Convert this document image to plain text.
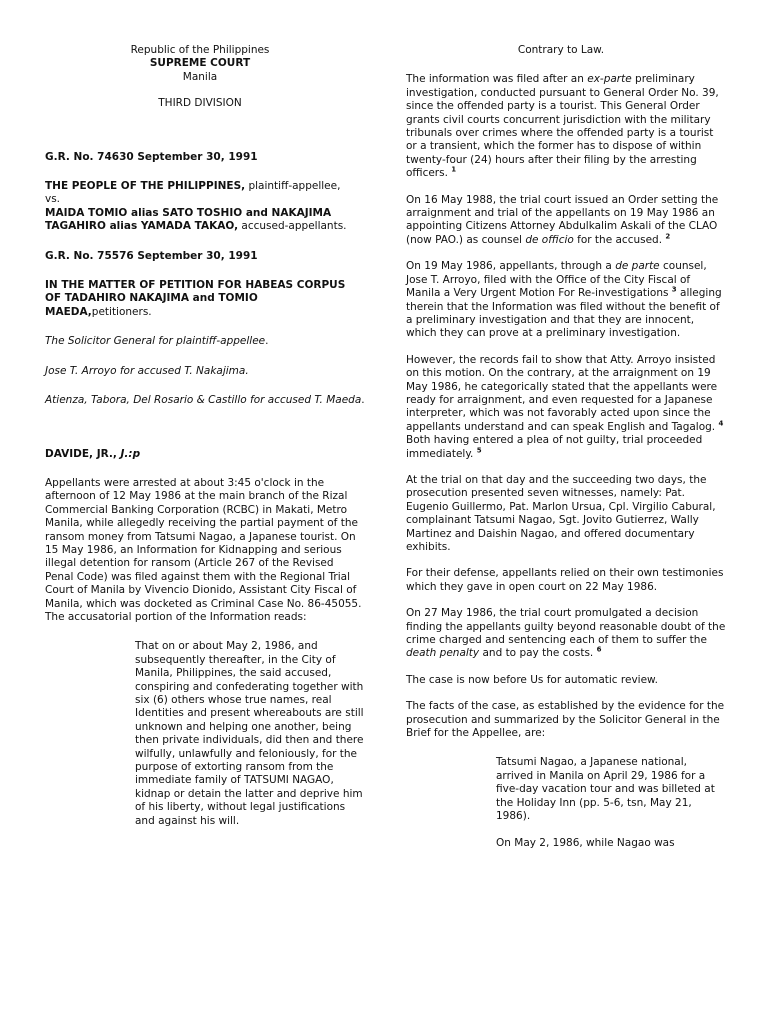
Republic of the Philippines
SUPREME COURT
Manila
THIRD DIVISION

G.R. No. 74630 September 30, 1991

THE PEOPLE OF THE PHILIPPINES, plaintiff-appellee,
vs.
MAIDA TOMIO alias SATO TOSHIO and NAKAJIMA TAGAHIRO alias YAMADA TAKAO, accused-appellants.

G.R. No. 75576 September 30, 1991

IN THE MATTER OF PETITION FOR HABEAS CORPUS OF TADAHIRO NAKAJIMA and TOMIO MAEDA,petitioners.

The Solicitor General for plaintiff-appellee.

Jose T. Arroyo for accused T. Nakajima.

Atienza, Tabora, Del Rosario & Castillo for accused T. Maeda.

DAVIDE, JR., J.:p

Appellants were arrested at about 3:45 o'clock in the afternoon of 12 May 1986 at the main branch of the Rizal Commercial Banking Corporation (RCBC) in Makati, Metro Manila, while allegedly receiving the partial payment of the ransom money from Tatsumi Nagao, a Japanese tourist. On 15 May 1986, an Information for Kidnapping and serious illegal detention for ransom (Article 267 of the Revised Penal Code) was filed against them with the Regional Trial Court of Manila by Vivencio Dionido, Assistant City Fiscal of Manila, which was docketed as Criminal Case No. 86-45055. The accusatorial portion of the Information reads:

That on or about May 2, 1986, and subsequently thereafter, in the City of Manila, Philippines, the said accused, conspiring and confederating together with six (6) others whose true names, real Identities and present whereabouts are still unknown and helping one another, being then private individuals, did then and there wilfully, unlawfully and feloniously, for the purpose of extorting ransom from the immediate family of TATSUMI NAGAO, kidnap or detain the latter and deprive him of his liberty, without legal justifications and against his will.

Contrary to Law.

The information was filed after an ex-parte preliminary investigation, conducted pursuant to General Order No. 39, since the offended party is a tourist. This General Order grants civil courts concurrent jurisdiction with the military tribunals over crimes where the offended party is a tourist or a transient, which the former has to dispose of within twenty-four (24) hours after their filing by the arresting officers. $^1$

On 16 May 1988, the trial court issued an Order setting the arraignment and trial of the appellants on 19 May 1986 an appointing Citizens Attorney Abdulkalim Askali of the CLAO (now PAO.) as counsel de officio for the accused. $^2$

On 19 May 1986, appellants, through a de parte counsel, Jose T. Arroyo, filed with the Office of the City Fiscal of Manila a Very Urgent Motion For Re-investigations $^3$ alleging therein that the Information was filed without the benefit of a preliminary investigation and that they are innocent, which they can prove at a preliminary investigation.

However, the records fail to show that Atty. Arroyo insisted on this motion. On the contrary, at the arraignment on 19 May 1986, he categorically stated that the appellants were ready for arraignment, and even requested for a Japanese interpreter, which was not favorably acted upon since the appellants understand and can speak English and Tagalog. $^4$ Both having entered a plea of not guilty, trial proceeded immediately. $^5$

At the trial on that day and the succeeding two days, the prosecution presented seven witnesses, namely: Pat. Eugenio Guillermo, Pat. Marlon Ursua, Cpl. Virgilio Cabural, complainant Tatsumi Nagao, Sgt. Jovito Gutierrez, Wally Martinez and Daishin Nagao, and offered documentary exhibits.

For their defense, appellants relied on their own testimonies which they gave in open court on 22 May 1986.

On 27 May 1986, the trial court promulgated a decision finding the appellants guilty beyond reasonable doubt of the crime charged and sentencing each of them to suffer the death penalty and to pay the costs. $^6$

The case is now before Us for automatic review.

The facts of the case, as established by the evidence for the prosecution and summarized by the Solicitor General in the Brief for the Appellee, are:

Tatsumi Nagao, a Japanese national, arrived in Manila on April 29, 1986 for a five-day vacation tour and was billeted at the Holiday Inn (pp. 5-6, tsn, May 21, 1986).

On May 2, 1986, while Nagao was
